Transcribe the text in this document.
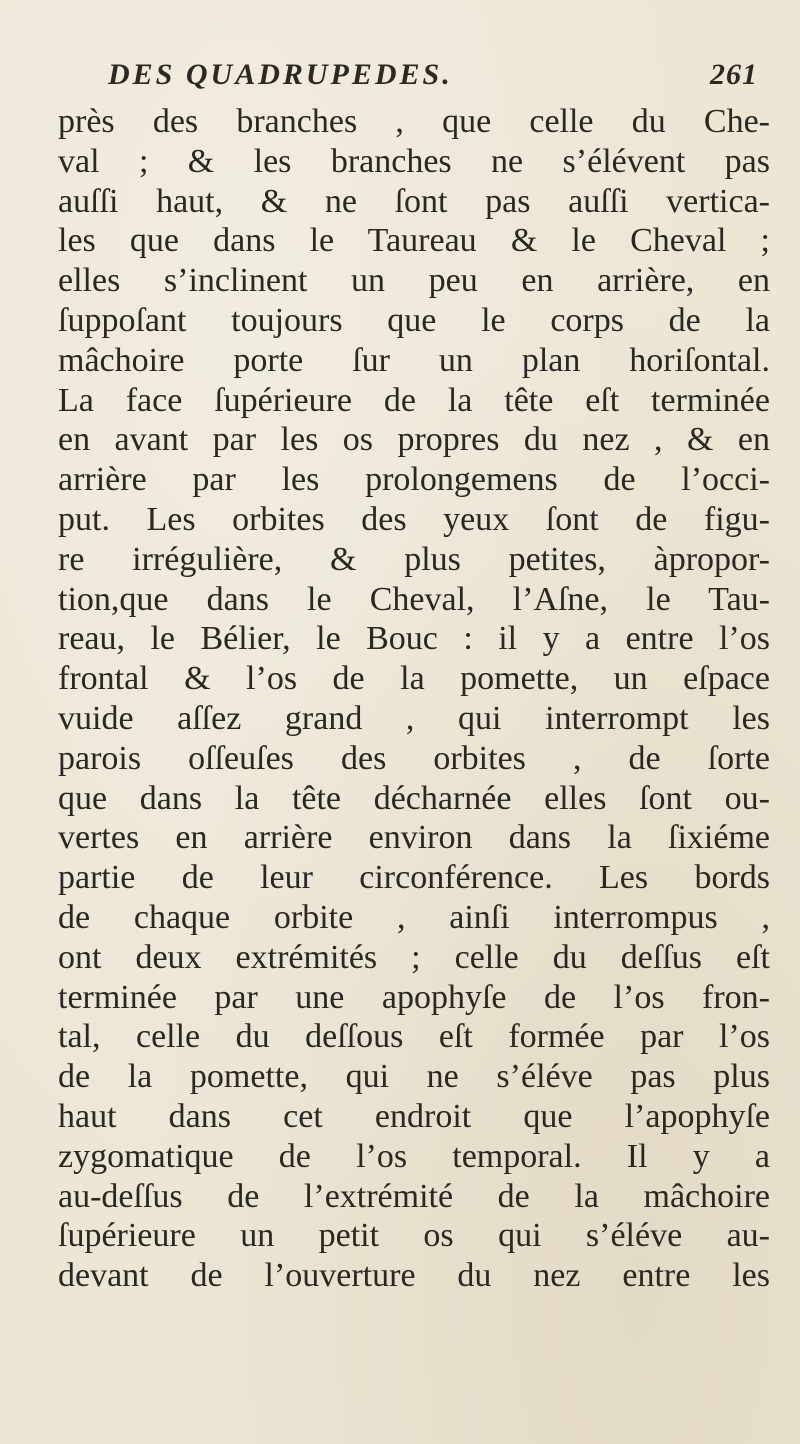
DES QUADRUPEDES.	261
près des branches , que celle du Che-
val ; & les branches ne s’élévent pas
auſſi haut, & ne ſont pas auſſi vertica-
les que dans le Taureau & le Cheval ;
elles s’inclinent un peu en arrière, en
ſuppoſant toujours que le corps de la
mâchoire porte ſur un plan horiſontal.
La face ſupérieure de la tête eſt terminée
en avant par les os propres du nez , & en
arrière par les prolongemens de l’occi-
put. Les orbites des yeux ſont de figu-
re irrégulière, & plus petites, àpropor-
tion,que dans le Cheval, l’Aſne, le Tau-
reau, le Bélier, le Bouc : il y a entre l’os
frontal & l’os de la pomette, un eſpace
vuide aſſez grand , qui interrompt les
parois oſſeuſes des orbites , de ſorte
que dans la tête décharnée elles ſont ou-
vertes en arrière environ dans la ſixiéme
partie de leur circonférence. Les bords
de chaque orbite , ainſi interrompus ,
ont deux extrémités ; celle du deſſus eſt
terminée par une apophyſe de l’os fron-
tal, celle du deſſous eſt formée par l’os
de la pomette, qui ne s’éléve pas plus
haut dans cet endroit que l’apophyſe
zygomatique de l’os temporal. Il y a
au-deſſus de l’extrémité de la mâchoire
ſupérieure un petit os qui s’éléve au-
devant de l’ouverture du nez entre les
